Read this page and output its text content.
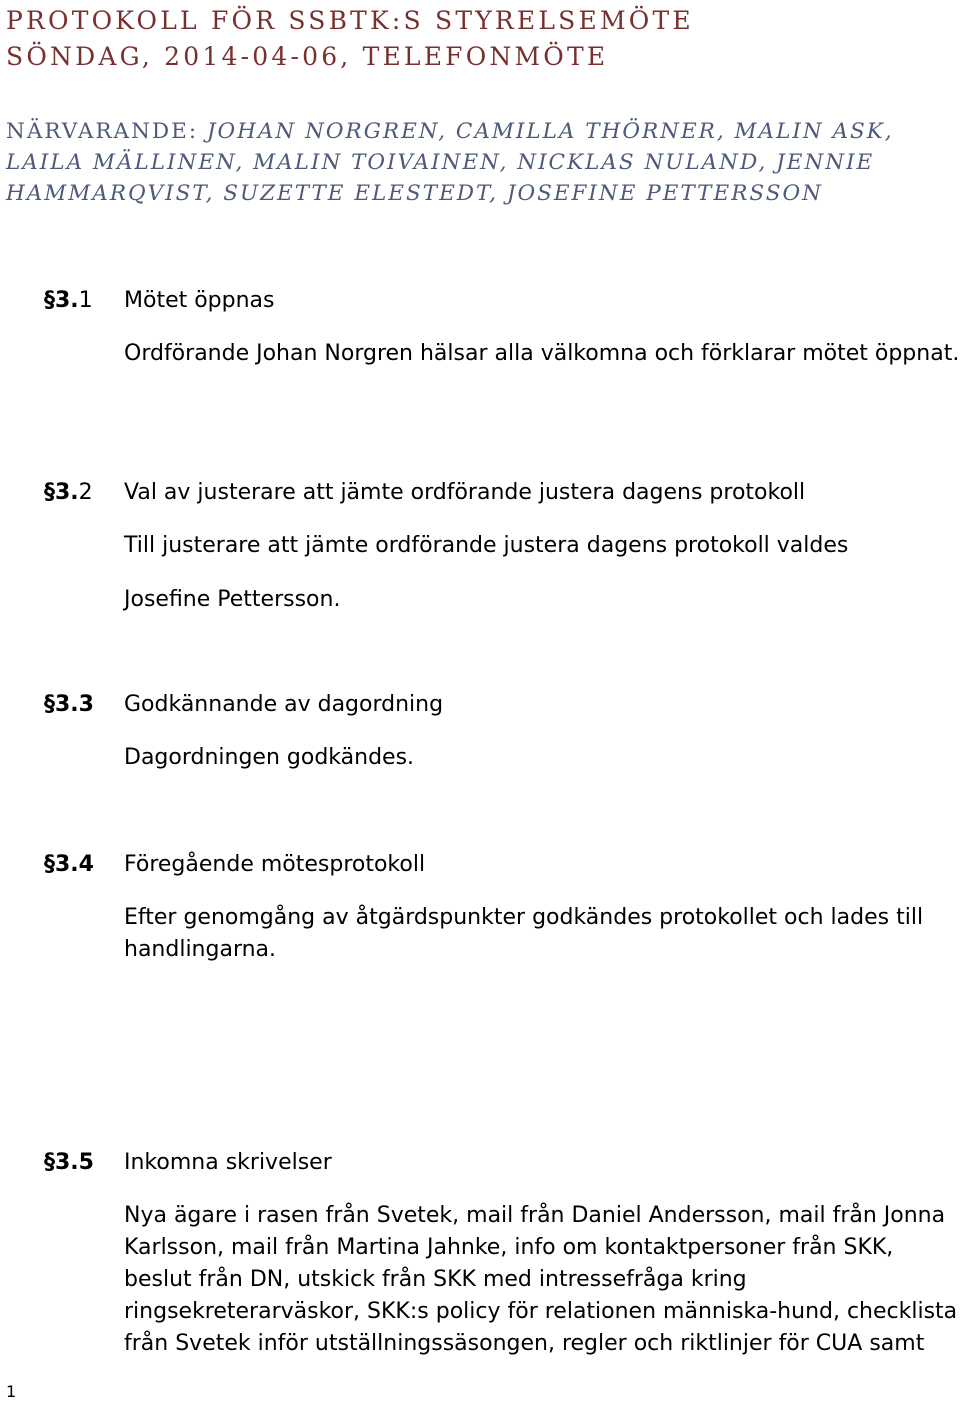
PROTOKOLL FÖR SSBTK:S STYRELSEMÖTE
SÖNDAG, 2014-04-06, TELEFONMÖTE
NÄRVARANDE: JOHAN NORGREN, CAMILLA THÖRNER, MALIN ASK, LAILA MÄLLINEN, MALIN TOIVAINEN, NICKLAS NULAND, JENNIE HAMMARQVIST, SUZETTE ELESTEDT, JOSEFINE PETTERSSON
§3.1 Mötet öppnas
Ordförande Johan Norgren hälsar alla välkomna och förklarar mötet öppnat.
§3.2 Val av justerare att jämte ordförande justera dagens protokoll
Till justerare att jämte ordförande justera dagens protokoll valdes
Josefine Pettersson.
§3.3 Godkännande av dagordning
Dagordningen godkändes.
§3.4 Föregående mötesprotokoll
Efter genomgång av åtgärdspunkter godkändes protokollet och lades till handlingarna.
§3.5 Inkomna skrivelser
Nya ägare i rasen från Svetek, mail från Daniel Andersson, mail från Jonna Karlsson, mail från Martina Jahnke, info om kontaktpersoner från SKK, beslut från DN, utskick från SKK med intressefråga kring ringsekreterarväskor, SKK:s policy för relationen människa-hund, checklista från Svetek inför utställningssäsongen, regler och riktlinjer för CUA samt
1
